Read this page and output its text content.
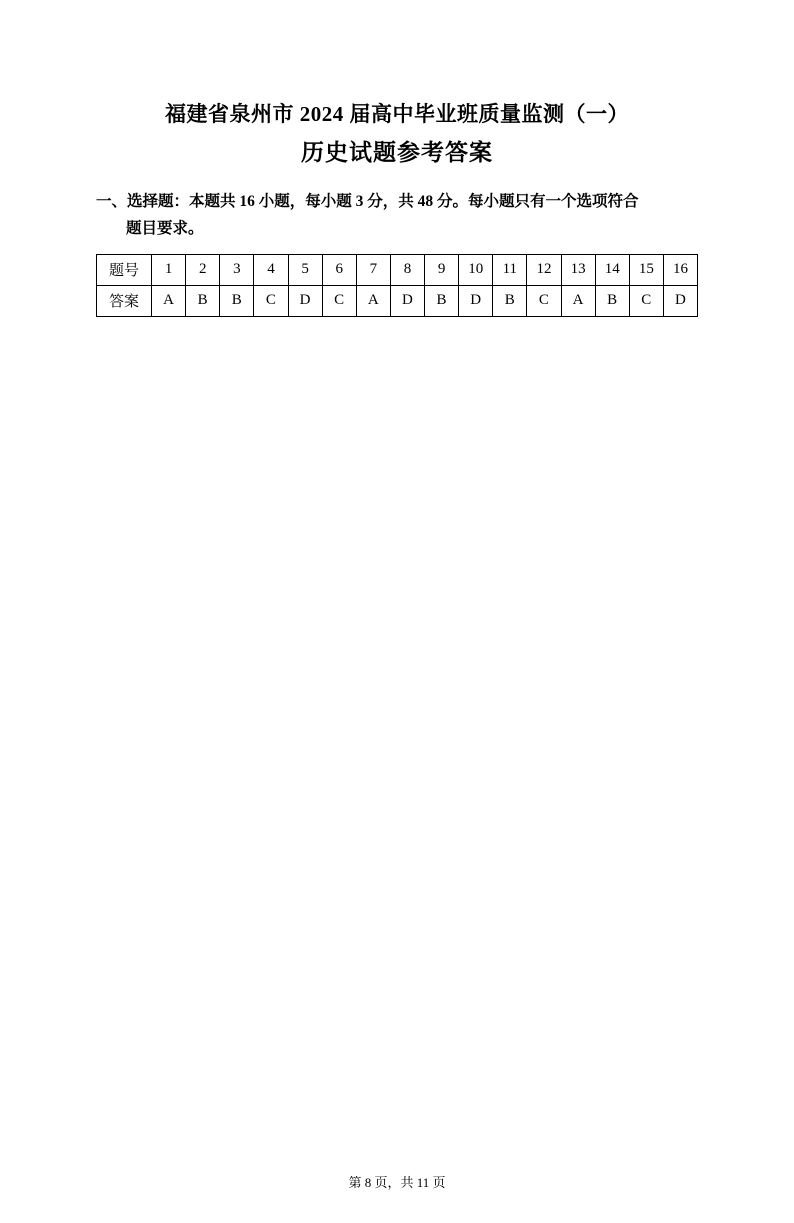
福建省泉州市 2024 届高中毕业班质量监测（一）
历史试题参考答案
一、选择题：本题共 16 小题，每小题 3 分，共 48 分。每小题只有一个选项符合
题目要求。
题号	1	2	3	4	5	6	7	8	9	10	11	12	13	14	15	16
答案	A	B	B	C	D	C	A	D	B	D	B	C	A	B	C	D
第 8 页，共 11 页
